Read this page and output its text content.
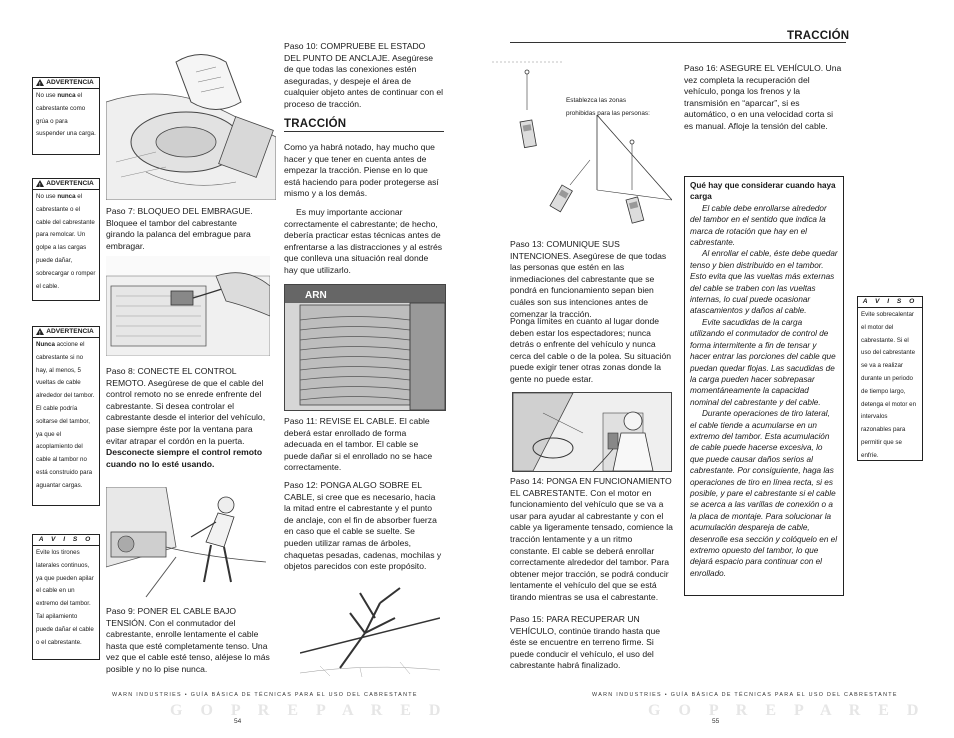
! ADVERTENCIA
No use nunca el cabrestante como grúa o para suspender una carga.
! ADVERTENCIA
No use nunca el cabrestante o el cable del cabrestante para remolcar. Un golpe a las cargas puede dañar, sobrecargar o romper el cable.
! ADVERTENCIA
Nunca accione el cabrestante si no hay, al menos, 5 vueltas de cable alrededor del tambor. El cable podría soltarse del tambor, ya que el acoplamiento del cable al tambor no está construido para aguantar cargas.
A V I S O
Evite los tirones laterales continuos, ya que pueden apilar el cable en un extremo del tambor. Tal apilamiento puede dañar el cable o el cabrestante.

Paso 7: BLOQUEO DEL EMBRAGUE. Bloquee el tambor del cabrestante girando la palanca del embrague para embragar.

Paso 8: CONECTE EL CONTROL REMOTO. Asegúrese de que el cable del control remoto no se enrede enfrente del cabrestante. Si desea controlar el cabrestante desde el interior del vehículo, pase siempre éste por la ventana para evitar atrapar el cordón en la puerta. Desconecte siempre el control remoto cuando no lo esté usando.

Paso 9: PONER EL CABLE BAJO TENSIÓN. Con el conmutador del cabrestante, enrolle lentamente el cable hasta que esté completamente tenso. Una vez que el cable esté tenso, aléjese lo más posible y no lo pise nunca.

Paso 10: COMPRUEBE EL ESTADO DEL PUNTO DE ANCLAJE. Asegúrese de que todas las conexiones estén aseguradas, y despeje el área de cualquier objeto antes de continuar con el proceso de tracción.

TRACCIÓN

Como ya habrá notado, hay mucho que hacer y que tener en cuenta antes de empezar la tracción. Piense en lo que está haciendo para poder protegerse así mismo y a los demás.

Es muy importante accionar correctamente el cabrestante; de hecho, debería practicar estas técnicas antes de enfrentarse a las distracciones y al estrés que conlleva una situación real donde hay que utilizarlo.

ARN

Paso 11: REVISE EL CABLE. El cable deberá estar enrollado de forma adecuada en el tambor. El cable se puede dañar si el enrollado no se hace correctamente.

Paso 12: PONGA ALGO SOBRE EL CABLE, si cree que es necesario, hacia la mitad entre el cabrestante y el punto de anclaje, con el fin de absorber fuerza en caso que el cable se suelte. Se pueden utilizar ramas de árboles, chaquetas pesadas, cadenas, mochilas y objetos parecidos con este propósito.

WARN INDUSTRIES • GUÍA BÁSICA DE TÉCNICAS PARA EL USO DEL CABRESTANTE
G O P R E P A R E D
54
TRACCIÓN

Establezca las zonas prohibidas para las personas:

Paso 13: COMUNIQUE SUS INTENCIONES. Asegúrese de que todas las personas que estén en las inmediaciones del cabrestante que se pondrá en funcionamiento sepan bien cuáles son sus intenciones antes de comenzar la tracción.

Ponga límites en cuanto al lugar donde deben estar los espectadores; nunca detrás o enfrente del vehículo y nunca cerca del cable o de la polea. Su situación puede exigir tener otras zonas donde la gente no puede estar.

Paso 14: PONGA EN FUNCIONAMIENTO EL CABRESTANTE. Con el motor en funcionamiento del vehículo que se va a usar para ayudar al cabrestante y con el cable ya ligeramente tensado, comience la tracción lentamente y a un ritmo constante. El cable se deberá enrollar correctamente alrededor del tambor. Para obtener mejor tracción, se podrá conducir lentamente el vehículo del que se está tirando mientras se usa el cabrestante.

Paso 15: PARA RECUPERAR UN VEHÍCULO, continúe tirando hasta que éste se encuentre en terreno firme. Si puede conducir el vehículo, el uso del cabrestante habrá finalizado.

Paso 16: ASEGURE EL VEHÍCULO. Una vez completa la recuperación del vehículo, ponga los frenos y la transmisión en “aparcar”, si es automático, o en una velocidad corta si es manual. Afloje la tensión del cable.

Qué hay que considerar cuando haya carga

El cable debe enrollarse alrededor del tambor en el sentido que indica la marca de rotación que hay en el cabrestante.

Al enrollar el cable, éste debe quedar tenso y bien distribuido en el tambor. Esto evita que las vueltas más externas del cable se traben con las vueltas internas, lo cual puede ocasionar atascamientos y daños al cable.

Evite sacudidas de la carga utilizando el conmutador de control de forma intermitente a fin de tensar y hacer entrar las porciones del cable que puedan quedar flojas. Las sacudidas de la carga pueden hacer sobrepasar momentáneamente la capacidad nominal del cabrestante y del cable.

Durante operaciones de tiro lateral, el cable tiende a acumularse en un extremo del tambor. Esta acumulación de cable puede hacerse excesiva, lo que puede causar daños serios al cabrestante. Por consiguiente, haga las operaciones de tiro en línea recta, si es posible, y pare el cabrestante si el cable se acerca a las varillas de conexión o a la placa de montaje. Para solucionar la acumulación despareja de cable, desenrolle esa sección y colóquelo en el extremo opuesto del tambor, lo que dejará espacio para continuar con el enrollado.

A V I S O
Evite sobrecalentar el motor del cabrestante. Si el uso del cabrestante se va a realizar durante un periodo de tiempo largo, detenga el motor en intervalos razonables para permitir que se enfríe.
WARN INDUSTRIES • GUÍA BÁSICA DE TÉCNICAS PARA EL USO DEL CABRESTANTE
G O P R E P A R E D
55
